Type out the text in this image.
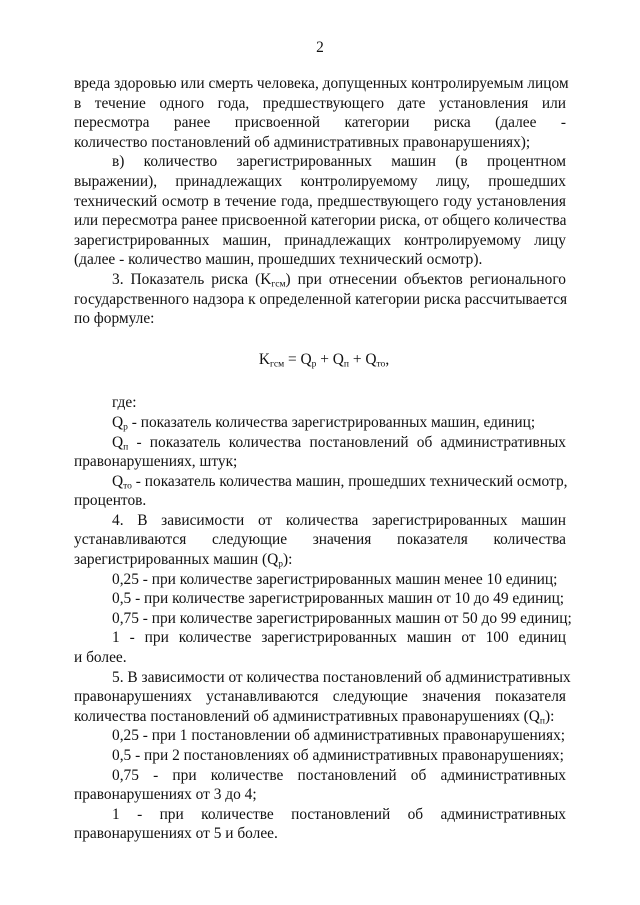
2
вреда здоровью или смерть человека, допущенных контролируемым лицом
в течение одного года, предшествующего дате установления или
пересмотра ранее присвоенной категории риска (далее -
количество постановлений об административных правонарушениях);
в) количество зарегистрированных машин (в процентном
выражении), принадлежащих контролируемому лицу, прошедших
технический осмотр в течение года, предшествующего году установления
или пересмотра ранее присвоенной категории риска, от общего количества
зарегистрированных машин, принадлежащих контролируемому лицу
(далее - количество машин, прошедших технический осмотр).
3. Показатель риска $(K_{гсм})$ при отнесении объектов регионального
государственного надзора к определенной категории риска рассчитывается
по формуле:
$K_{гсм} = Q_р + Q_п + Q_{то}$,
где:
$Q_р$ - показатель количества зарегистрированных машин, единиц;
$Q_п$ - показатель количества постановлений об административных
правонарушениях, штук;
$Q_{то}$ - показатель количества машин, прошедших технический осмотр,
процентов.
4. В зависимости от количества зарегистрированных машин
устанавливаются следующие значения показателя количества
зарегистрированных машин $(Q_р)$:
0,25 - при количестве зарегистрированных машин менее 10 единиц;
0,5 - при количестве зарегистрированных машин от 10 до 49 единиц;
0,75 - при количестве зарегистрированных машин от 50 до 99 единиц;
1 - при количестве зарегистрированных машин от 100 единиц
и более.
5. В зависимости от количества постановлений об административных
правонарушениях устанавливаются следующие значения показателя
количества постановлений об административных правонарушениях $(Q_п)$:
0,25 - при 1 постановлении об административных правонарушениях;
0,5 - при 2 постановлениях об административных правонарушениях;
0,75 - при количестве постановлений об административных
правонарушениях от 3 до 4;
1 - при количестве постановлений об административных
правонарушениях от 5 и более.
